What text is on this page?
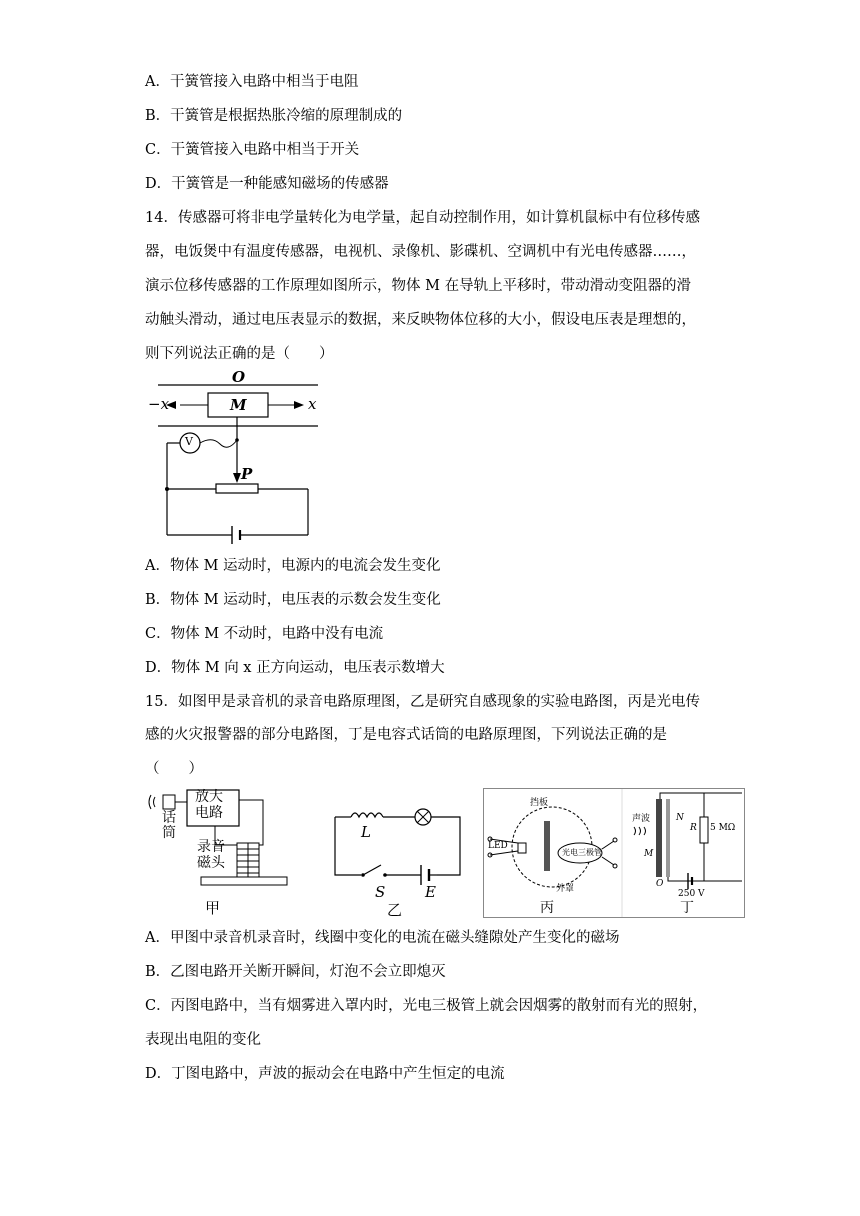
A．干簧管接入电路中相当于电阻
B．干簧管是根据热胀冷缩的原理制成的
C．干簧管接入电路中相当于开关
D．干簧管是一种能感知磁场的传感器
14．传感器可将非电学量转化为电学量，起自动控制作用，如计算机鼠标中有位移传感
器，电饭煲中有温度传感器，电视机、录像机、影碟机、空调机中有光电传感器……，
演示位移传感器的工作原理如图所示，物体 M 在导轨上平移时，带动滑动变阻器的滑
动触头滑动，通过电压表显示的数据，来反映物体位移的大小，假设电压表是理想的，
则下列说法正确的是（　　）
O
M
−x	x
V
P
A．物体 M 运动时，电源内的电流会发生变化
B．物体 M 运动时，电压表的示数会发生变化
C．物体 M 不动时，电路中没有电流
D．物体 M 向 x 正方向运动，电压表示数增大
15．如图甲是录音机的录音电路原理图，乙是研究自感现象的实验电路图，丙是光电传
感的火灾报警器的部分电路图，丁是电容式话筒的电路原理图，下列说法正确的是
（　　）
放大
电路
话
筒
录音
磁头
甲
L
S	E
乙
挡板
LED
光电三极管
外罩
丙
声波	N
M
O
R 5 MΩ
250 V
丁
A．甲图中录音机录音时，线圈中变化的电流在磁头缝隙处产生变化的磁场
B．乙图电路开关断开瞬间，灯泡不会立即熄灭
C．丙图电路中，当有烟雾进入罩内时，光电三极管上就会因烟雾的散射而有光的照射，
表现出电阻的变化
D．丁图电路中，声波的振动会在电路中产生恒定的电流
